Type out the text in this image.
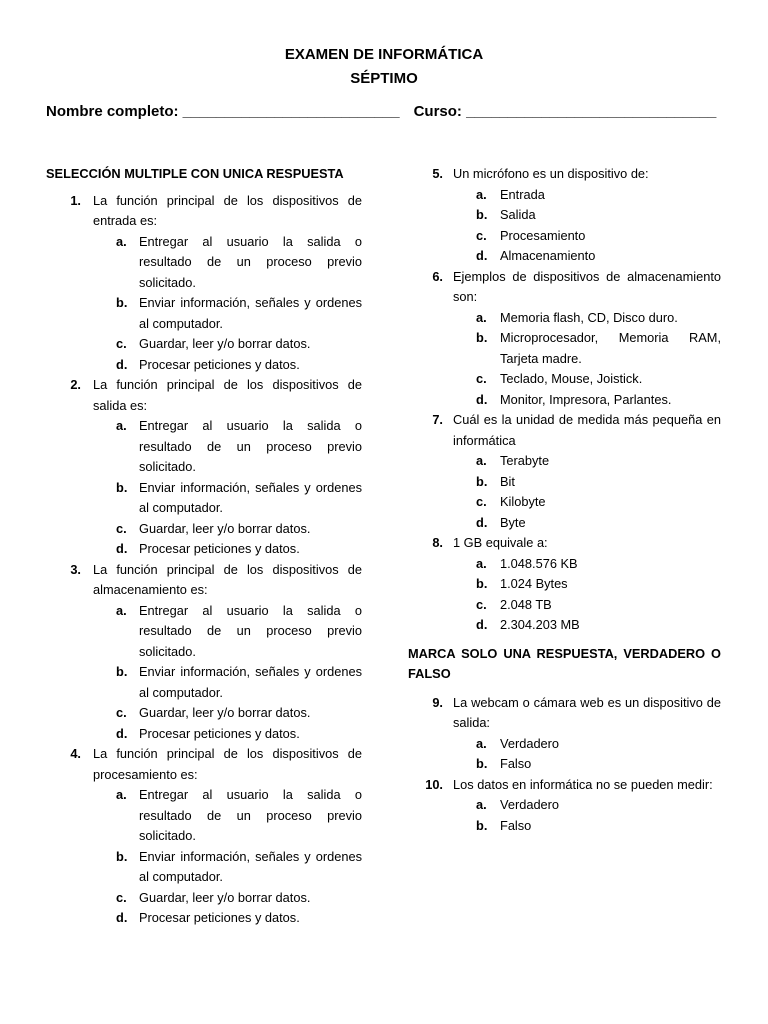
EXAMEN DE INFORMÁTICA
SÉPTIMO
Nombre completo: __________________________ Curso: ______________________________
SELECCIÓN MULTIPLE CON UNICA RESPUESTA
1. La función principal de los dispositivos de entrada es:
a. Entregar al usuario la salida o resultado de un proceso previo solicitado.
b. Enviar información, señales y ordenes al computador.
c. Guardar, leer y/o borrar datos.
d. Procesar peticiones y datos.
2. La función principal de los dispositivos de salida es:
a. Entregar al usuario la salida o resultado de un proceso previo solicitado.
b. Enviar información, señales y ordenes al computador.
c. Guardar, leer y/o borrar datos.
d. Procesar peticiones y datos.
3. La función principal de los dispositivos de almacenamiento es:
a. Entregar al usuario la salida o resultado de un proceso previo solicitado.
b. Enviar información, señales y ordenes al computador.
c. Guardar, leer y/o borrar datos.
d. Procesar peticiones y datos.
4. La función principal de los dispositivos de procesamiento es:
a. Entregar al usuario la salida o resultado de un proceso previo solicitado.
b. Enviar información, señales y ordenes al computador.
c. Guardar, leer y/o borrar datos.
d. Procesar peticiones y datos.
5. Un micrófono es un dispositivo de:
a. Entrada
b. Salida
c. Procesamiento
d. Almacenamiento
6. Ejemplos de dispositivos de almacenamiento son:
a. Memoria flash, CD, Disco duro.
b. Microprocesador, Memoria RAM, Tarjeta madre.
c. Teclado, Mouse, Joistick.
d. Monitor, Impresora, Parlantes.
7. Cuál es la unidad de medida más pequeña en informática
a. Terabyte
b. Bit
c. Kilobyte
d. Byte
8. 1 GB equivale a:
a. 1.048.576 KB
b. 1.024 Bytes
c. 2.048 TB
d. 2.304.203 MB
MARCA SOLO UNA RESPUESTA, VERDADERO O FALSO
9. La webcam o cámara web es un dispositivo de salida:
a. Verdadero
b. Falso
10. Los datos en informática no se pueden medir:
a. Verdadero
b. Falso
